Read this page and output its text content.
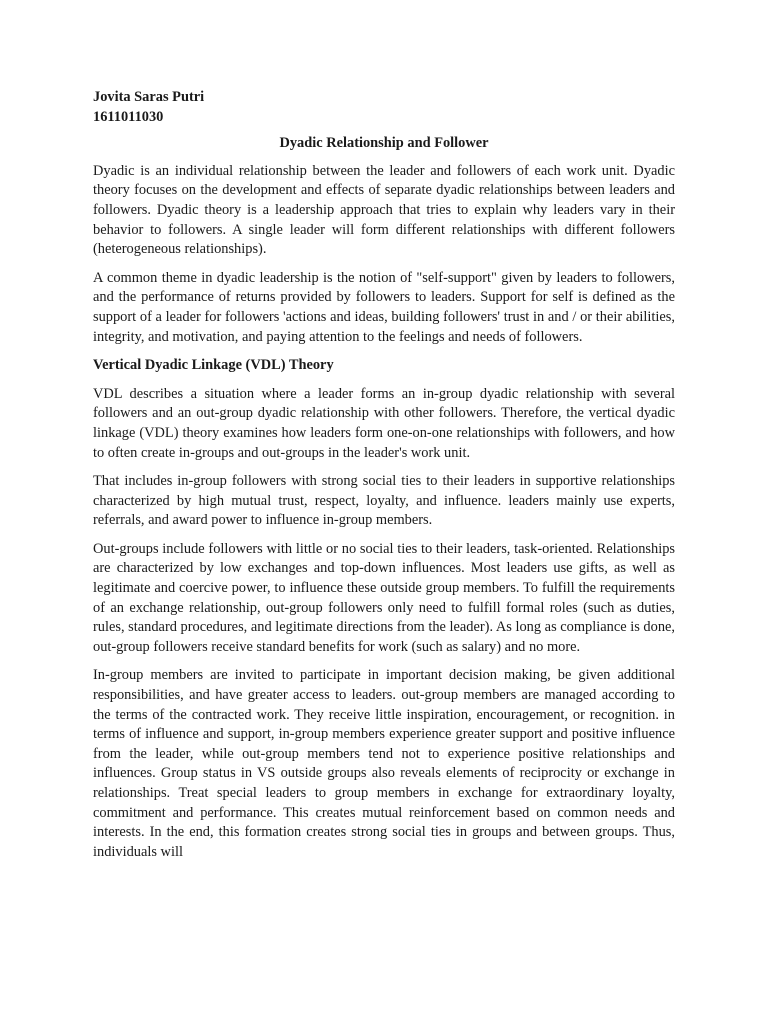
Jovita Saras Putri

1611011030

Dyadic Relationship and Follower

Dyadic is an individual relationship between the leader and followers of each work unit. Dyadic theory focuses on the development and effects of separate dyadic relationships between leaders and followers. Dyadic theory is a leadership approach that tries to explain why leaders vary in their behavior to followers. A single leader will form different relationships with different followers (heterogeneous relationships).

A common theme in dyadic leadership is the notion of "self-support" given by leaders to followers, and the performance of returns provided by followers to leaders. Support for self is defined as the support of a leader for followers 'actions and ideas, building followers' trust in and / or their abilities, integrity, and motivation, and paying attention to the feelings and needs of followers.

Vertical Dyadic Linkage (VDL) Theory

VDL describes a situation where a leader forms an in-group dyadic relationship with several followers and an out-group dyadic relationship with other followers. Therefore, the vertical dyadic linkage (VDL) theory examines how leaders form one-on-one relationships with followers, and how to often create in-groups and out-groups in the leader's work unit.

That includes in-group followers with strong social ties to their leaders in supportive relationships characterized by high mutual trust, respect, loyalty, and influence. leaders mainly use experts, referrals, and award power to influence in-group members.

Out-groups include followers with little or no social ties to their leaders, task-oriented. Relationships are characterized by low exchanges and top-down influences. Most leaders use gifts, as well as legitimate and coercive power, to influence these outside group members. To fulfill the requirements of an exchange relationship, out-group followers only need to fulfill formal roles (such as duties, rules, standard procedures, and legitimate directions from the leader). As long as compliance is done, out-group followers receive standard benefits for work (such as salary) and no more.

In-group members are invited to participate in important decision making, be given additional responsibilities, and have greater access to leaders. out-group members are managed according to the terms of the contracted work. They receive little inspiration, encouragement, or recognition. in terms of influence and support, in-group members experience greater support and positive influence from the leader, while out-group members tend not to experience positive relationships and influences. Group status in VS outside groups also reveals elements of reciprocity or exchange in relationships. Treat special leaders to group members in exchange for extraordinary loyalty, commitment and performance. This creates mutual reinforcement based on common needs and interests. In the end, this formation creates strong social ties in groups and between groups. Thus, individuals will
